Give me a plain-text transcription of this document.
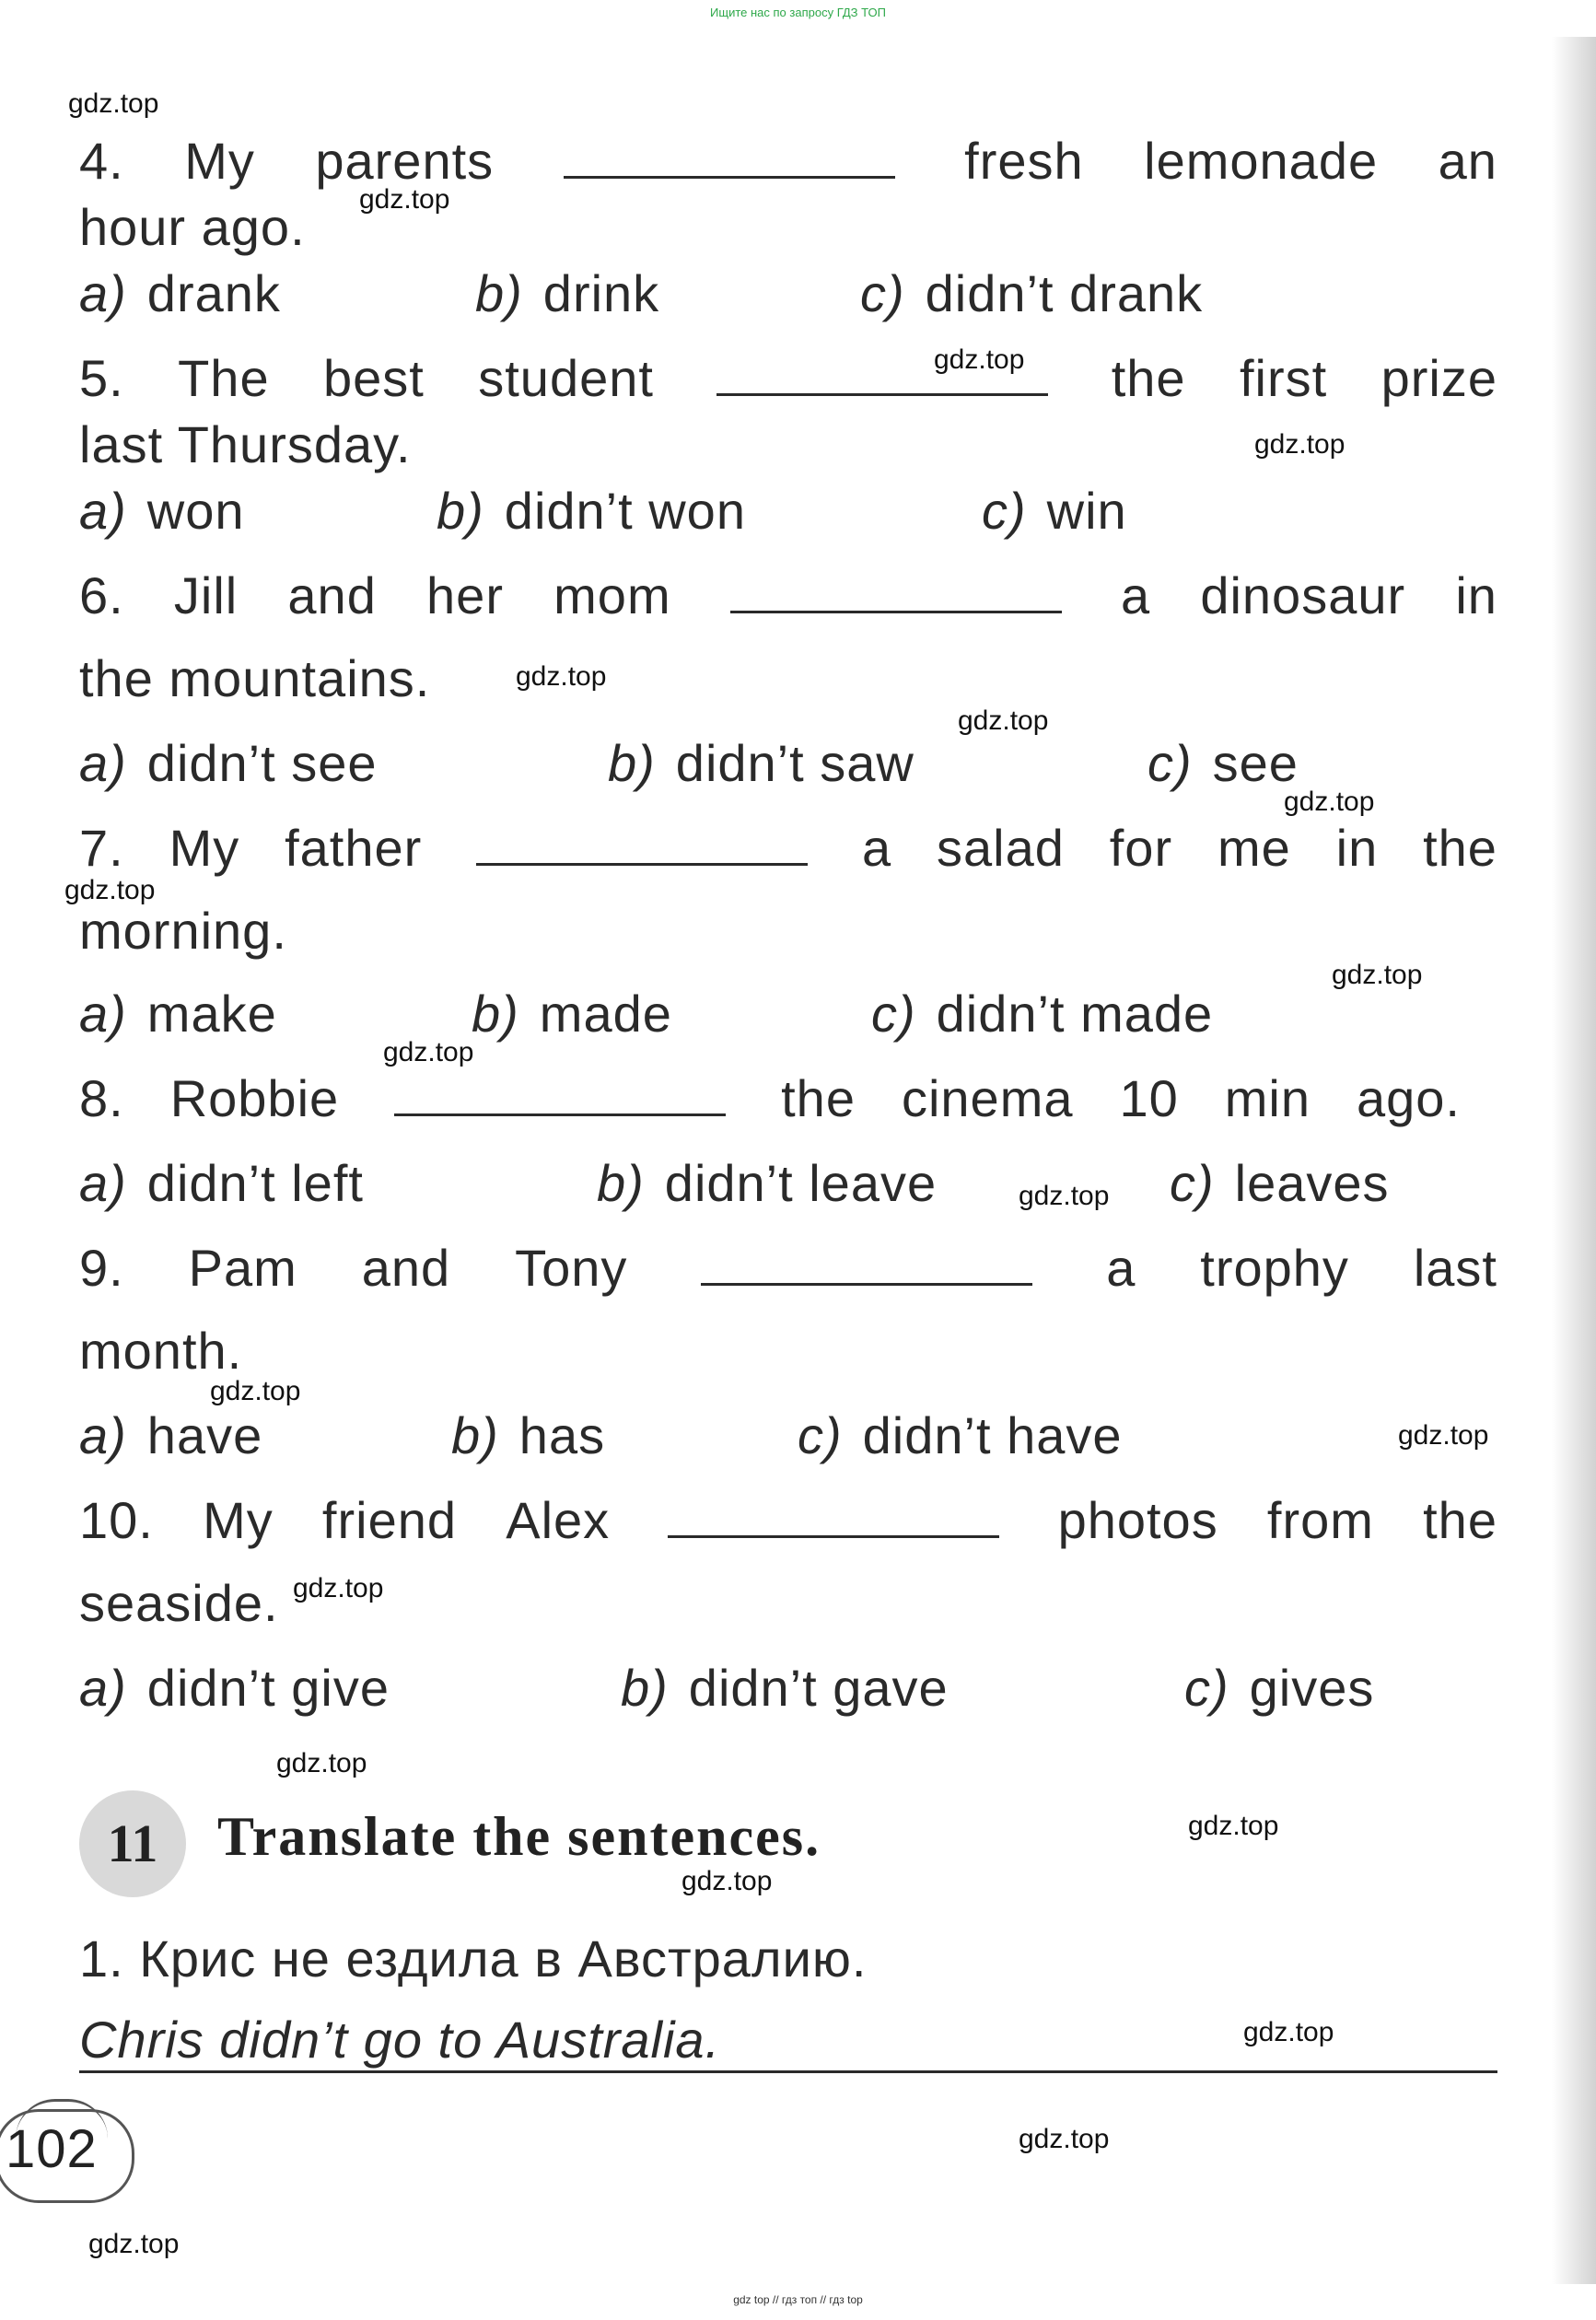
Ищите нас по запросу ГДЗ ТОП
4. My parents	fresh lemonade an
hour ago.
a) drank	b) drink	c) didn’t drank
5. The best student	the first prize
last Thursday.
a) won	b) didn’t won	c) win
6. Jill and her mom	a dinosaur in
the mountains.
a) didn’t see	b) didn’t saw	c) see
7. My father	a salad for me in the
morning.
a) make	b) made	c) didn’t made
8. Robbie	the cinema 10 min ago.
a) didn’t left	b) didn’t leave	c) leaves
9. Pam and Tony	a trophy last
month.
a) have	b) has	c) didn’t have
10. My friend Alex	photos from the
seaside.
a) didn’t give	b) didn’t gave	c) gives
11	Translate the sentences.
1. Крис не ездила в Австралию.
Chris didn’t go to Australia.
102
gdz.top
gdz.top
gdz.top
gdz.top
gdz.top
gdz.top
gdz.top
gdz.top
gdz.top
gdz.top
gdz.top
gdz.top
gdz.top
gdz.top
gdz.top
gdz.top
gdz.top
gdz.top
gdz.top
gdz.top
gdz top // гдз топ // гдз top
